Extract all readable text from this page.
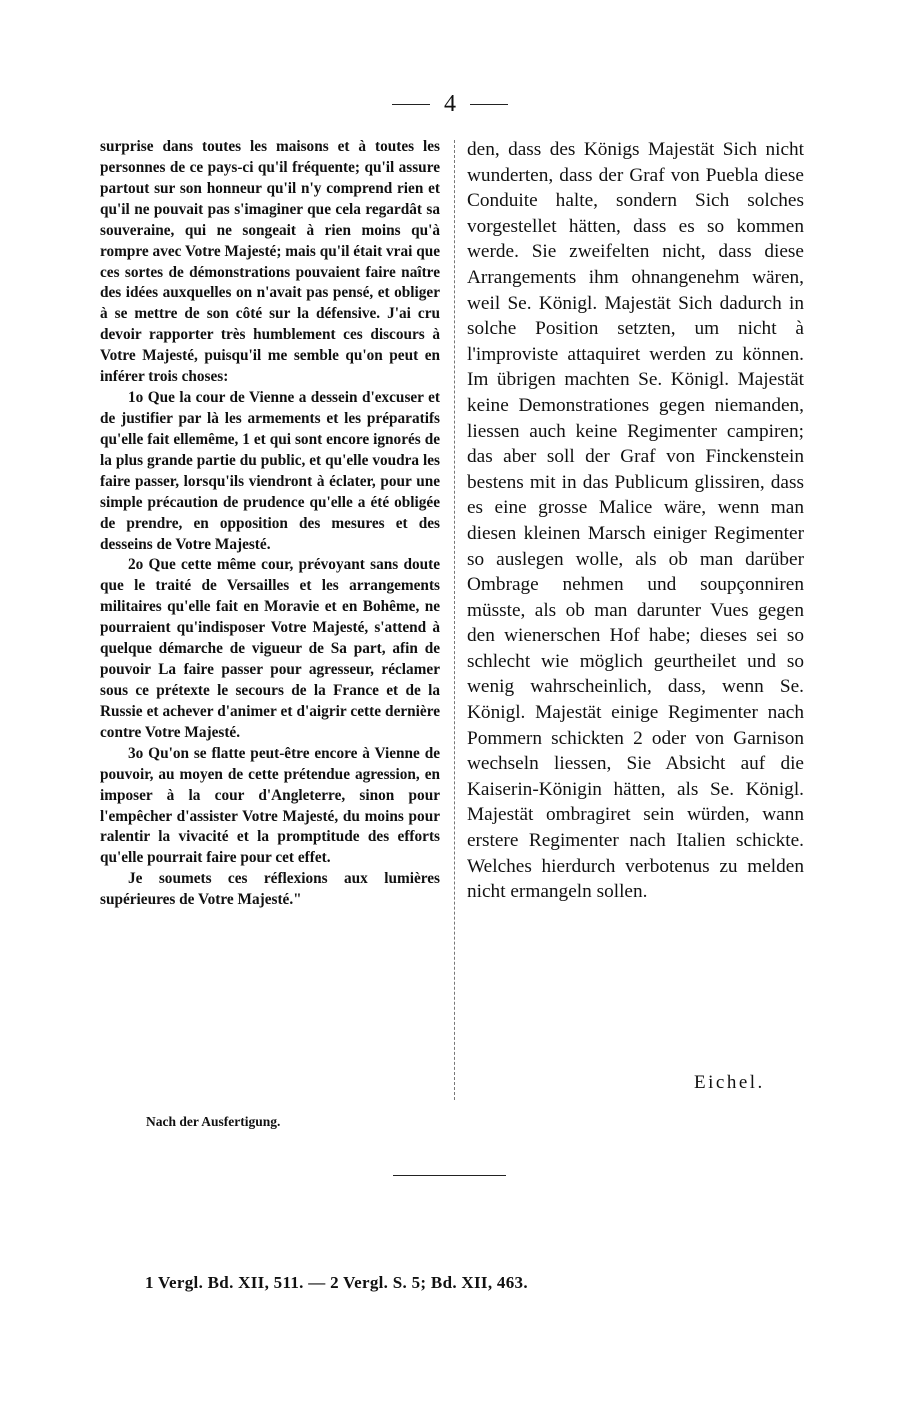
4

surprise dans toutes les maisons et à toutes les personnes de ce pays-ci qu'il fréquente; qu'il assure partout sur son honneur qu'il n'y comprend rien et qu'il ne pouvait pas s'imaginer que cela regardât sa souveraine, qui ne songeait à rien moins qu'à rompre avec Votre Majesté; mais qu'il était vrai que ces sortes de démonstrations pouvaient faire naître des idées auxquelles on n'avait pas pensé, et obliger à se mettre de son côté sur la défensive. J'ai cru devoir rapporter très humblement ces discours à Votre Majesté, puisqu'il me semble qu'on peut en inférer trois choses:

1o Que la cour de Vienne a dessein d'excuser et de justifier par là les armements et les préparatifs qu'elle fait ellemême, 1 et qui sont encore ignorés de la plus grande partie du public, et qu'elle voudra les faire passer, lorsqu'ils viendront à éclater, pour une simple précaution de prudence qu'elle a été obligée de prendre, en opposition des mesures et des desseins de Votre Majesté.

2o Que cette même cour, prévoyant sans doute que le traité de Versailles et les arrangements militaires qu'elle fait en Moravie et en Bohême, ne pourraient qu'indisposer Votre Majesté, s'attend à quelque démarche de vigueur de Sa part, afin de pouvoir La faire passer pour agresseur, réclamer sous ce prétexte le secours de la France et de la Russie et achever d'animer et d'aigrir cette dernière contre Votre Majesté.

3o Qu'on se flatte peut-être encore à Vienne de pouvoir, au moyen de cette prétendue agression, en imposer à la cour d'Angleterre, sinon pour l'empêcher d'assister Votre Majesté, du moins pour ralentir la vivacité et la promptitude des efforts qu'elle pourrait faire pour cet effet.

Je soumets ces réflexions aux lumières supérieures de Votre Majesté."

den, dass des Königs Majestät Sich nicht wunderten, dass der Graf von Puebla diese Conduite halte, sondern Sich solches vorgestellet hätten, dass es so kommen werde. Sie zweifelten nicht, dass diese Arrangements ihm ohnangenehm wären, weil Se. Königl. Majestät Sich dadurch in solche Position setzten, um nicht à l'improviste attaquiret werden zu können. Im übrigen machten Se. Königl. Majestät keine Demonstrationes gegen niemanden, liessen auch keine Regimenter campiren; das aber soll der Graf von Finckenstein bestens mit in das Publicum glissiren, dass es eine grosse Malice wäre, wenn man diesen kleinen Marsch einiger Regimenter so auslegen wolle, als ob man darüber Ombrage nehmen und soupçonniren müsste, als ob man darunter Vues gegen den wienerschen Hof habe; dieses sei so schlecht wie möglich geurtheilet und so wenig wahrscheinlich, dass, wenn Se. Königl. Majestät einige Regimenter nach Pommern schickten 2 oder von Garnison wechseln liessen, Sie Absicht auf die Kaiserin-Königin hätten, als Se. Königl. Majestät ombragiret sein würden, wann erstere Regimenter nach Italien schickte. Welches hierdurch verbotenus zu melden nicht ermangeln sollen.

Eichel.
Nach der Ausfertigung.
1 Vergl. Bd. XII, 511. — 2 Vergl. S. 5; Bd. XII, 463.
